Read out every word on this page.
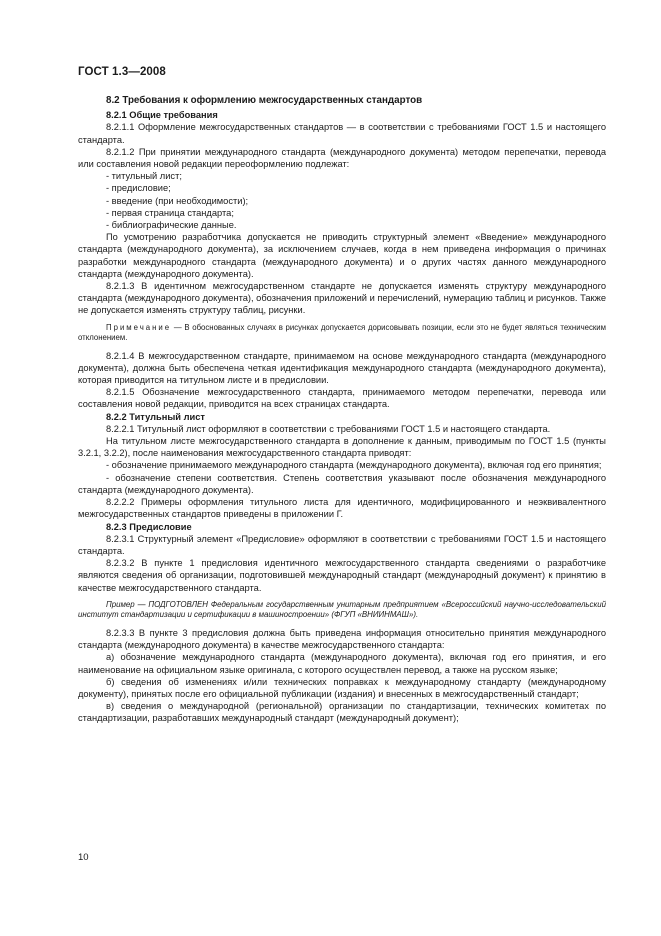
ГОСТ 1.3—2008

8.2 Требования к оформлению межгосударственных стандартов

8.2.1 Общие требования

8.2.1.1 Оформление межгосударственных стандартов — в соответствии с требованиями ГОСТ 1.5 и настоящего стандарта.

8.2.1.2 При принятии международного стандарта (международного документа) методом перепечатки, перевода или составления новой редакции переоформлению подлежат:

- титульный лист;

- предисловие;

- введение (при необходимости);

- первая страница стандарта;

- библиографические данные.

По усмотрению разработчика допускается не приводить структурный элемент «Введение» международного стандарта (международного документа), за исключением случаев, когда в нем приведена информация о причинах разработки международного стандарта (международного документа) и о других частях данного международного стандарта (международного документа).

8.2.1.3 В идентичном межгосударственном стандарте не допускается изменять структуру международного стандарта (международного документа), обозначения приложений и перечислений, нумерацию таблиц и рисунков. Также не допускается изменять структуру таблиц, рисунки.

Примечание — В обоснованных случаях в рисунках допускается дорисовывать позиции, если это не будет являться техническим отклонением.

8.2.1.4 В межгосударственном стандарте, принимаемом на основе международного стандарта (международного документа), должна быть обеспечена четкая идентификация международного стандарта (международного документа), которая приводится на титульном листе и в предисловии.

8.2.1.5 Обозначение межгосударственного стандарта, принимаемого методом перепечатки, перевода или составления новой редакции, приводится на всех страницах стандарта.

8.2.2 Титульный лист

8.2.2.1 Титульный лист оформляют в соответствии с требованиями ГОСТ 1.5 и настоящего стандарта.

На титульном листе межгосударственного стандарта в дополнение к данным, приводимым по ГОСТ 1.5 (пункты 3.2.1, 3.2.2), после наименования межгосударственного стандарта приводят:

- обозначение принимаемого международного стандарта (международного документа), включая год его принятия;

- обозначение степени соответствия. Степень соответствия указывают после обозначения международного стандарта (международного документа).

8.2.2.2 Примеры оформления титульного листа для идентичного, модифицированного и неэквивалентного межгосударственных стандартов приведены в приложении Г.

8.2.3 Предисловие

8.2.3.1 Структурный элемент «Предисловие» оформляют в соответствии с требованиями ГОСТ 1.5 и настоящего стандарта.

8.2.3.2 В пункте 1 предисловия идентичного межгосударственного стандарта сведениями о разработчике являются сведения об организации, подготовившей международный стандарт (международный документ) к принятию в качестве межгосударственного стандарта.

Пример — ПОДГОТОВЛЕН Федеральным государственным унитарным предприятием «Всероссийский научно-исследовательский институт стандартизации и сертификации в машиностроении» (ФГУП «ВНИИНМАШ»).

8.2.3.3 В пункте 3 предисловия должна быть приведена информация относительно принятия международного стандарта (международного документа) в качестве межгосударственного стандарта:

а) обозначение международного стандарта (международного документа), включая год его принятия, и его наименование на официальном языке оригинала, с которого осуществлен перевод, а также на русском языке;

б) сведения об изменениях и/или технических поправках к международному стандарту (международному документу), принятых после его официальной публикации (издания) и внесенных в межгосударственный стандарт;

в) сведения о международной (региональной) организации по стандартизации, технических комитетах по стандартизации, разработавших международный стандарт (международный документ);

10
